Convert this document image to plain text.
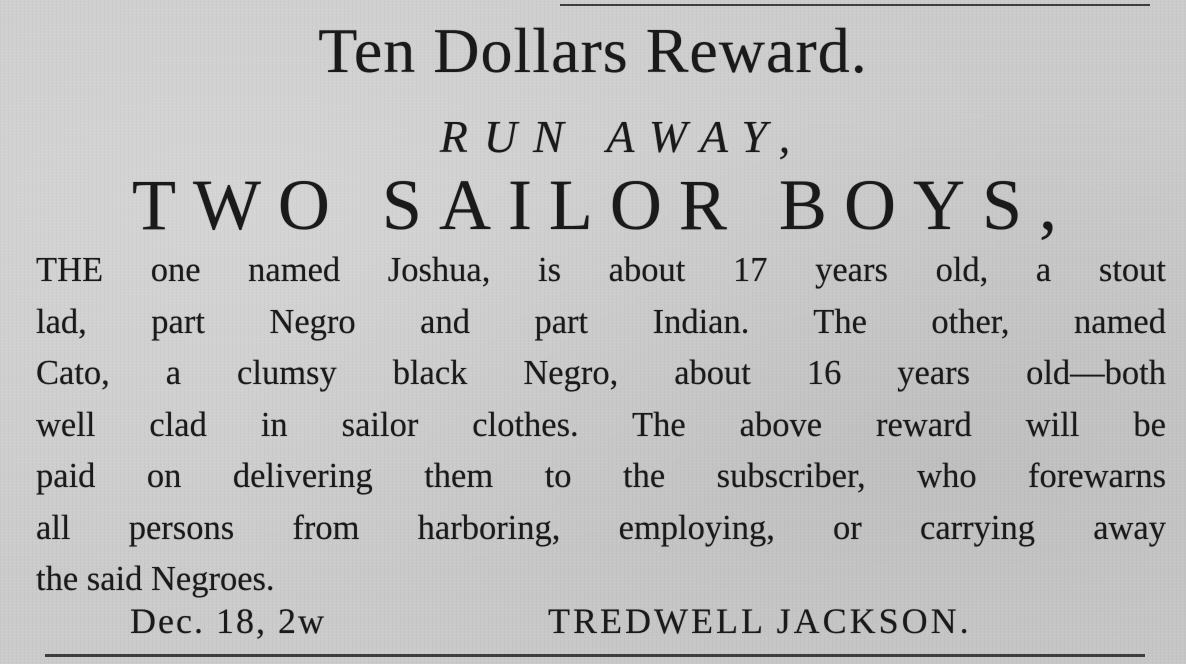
Ten Dollars Reward.
RUN AWAY,
TWO SAILOR BOYS,
THE one named Joshua, is about 17 years old, a stout
lad, part Negro and part Indian. The other, named
Cato, a clumsy black Negro, about 16 years old—both
well clad in sailor clothes. The above reward will be
paid on delivering them to the subscriber, who forewarns
all persons from harboring, employing, or carrying away
the said Negroes.
Dec. 18, 2w	TREDWELL JACKSON.
